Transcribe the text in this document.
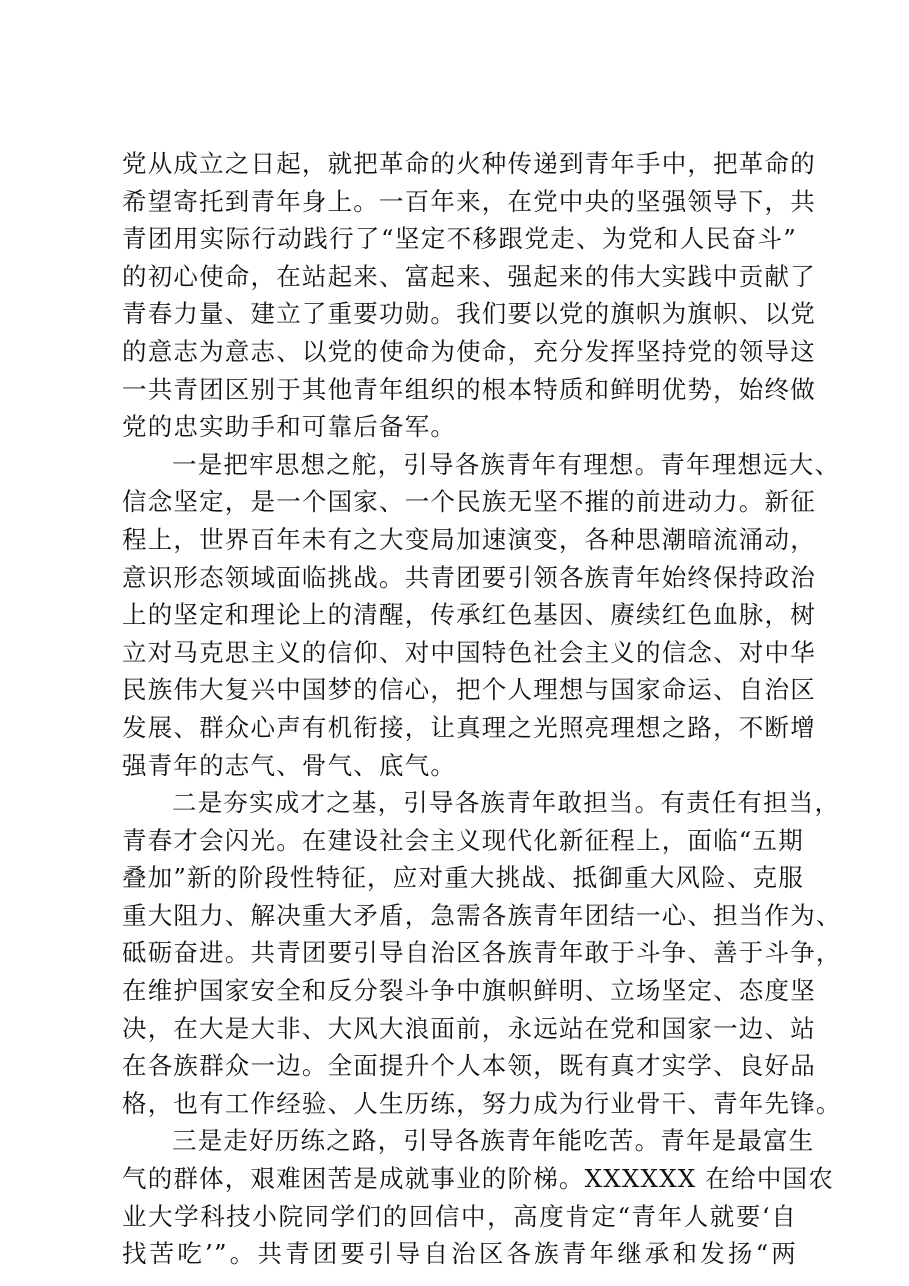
党从成立之日起，就把革命的火种传递到青年手中，把革命的
希望寄托到青年身上。一百年来，在党中央的坚强领导下，共
青团用实际行动践行了“坚定不移跟党走、为党和人民奋斗”
的初心使命，在站起来、富起来、强起来的伟大实践中贡献了
青春力量、建立了重要功勋。我们要以党的旗帜为旗帜、以党
的意志为意志、以党的使命为使命，充分发挥坚持党的领导这
一共青团区别于其他青年组织的根本特质和鲜明优势，始终做
党的忠实助手和可靠后备军。
一是把牢思想之舵，引导各族青年有理想。青年理想远大、
信念坚定，是一个国家、一个民族无坚不摧的前进动力。新征
程上，世界百年未有之大变局加速演变，各种思潮暗流涌动，
意识形态领域面临挑战。共青团要引领各族青年始终保持政治
上的坚定和理论上的清醒，传承红色基因、赓续红色血脉，树
立对马克思主义的信仰、对中国特色社会主义的信念、对中华
民族伟大复兴中国梦的信心，把个人理想与国家命运、自治区
发展、群众心声有机衔接，让真理之光照亮理想之路，不断增
强青年的志气、骨气、底气。
二是夯实成才之基，引导各族青年敢担当。有责任有担当，
青春才会闪光。在建设社会主义现代化新征程上，面临“五期
叠加”新的阶段性特征，应对重大挑战、抵御重大风险、克服
重大阻力、解决重大矛盾，急需各族青年团结一心、担当作为、
砥砺奋进。共青团要引导自治区各族青年敢于斗争、善于斗争，
在维护国家安全和反分裂斗争中旗帜鲜明、立场坚定、态度坚
决，在大是大非、大风大浪面前，永远站在党和国家一边、站
在各族群众一边。全面提升个人本领，既有真才实学、良好品
格，也有工作经验、人生历练，努力成为行业骨干、青年先锋。
三是走好历练之路，引导各族青年能吃苦。青年是最富生
气的群体，艰难困苦是成就事业的阶梯。XXXXXX 在给中国农
业大学科技小院同学们的回信中，高度肯定“青年人就要‘自
找苦吃’”。共青团要引导自治区各族青年继承和发扬“两
